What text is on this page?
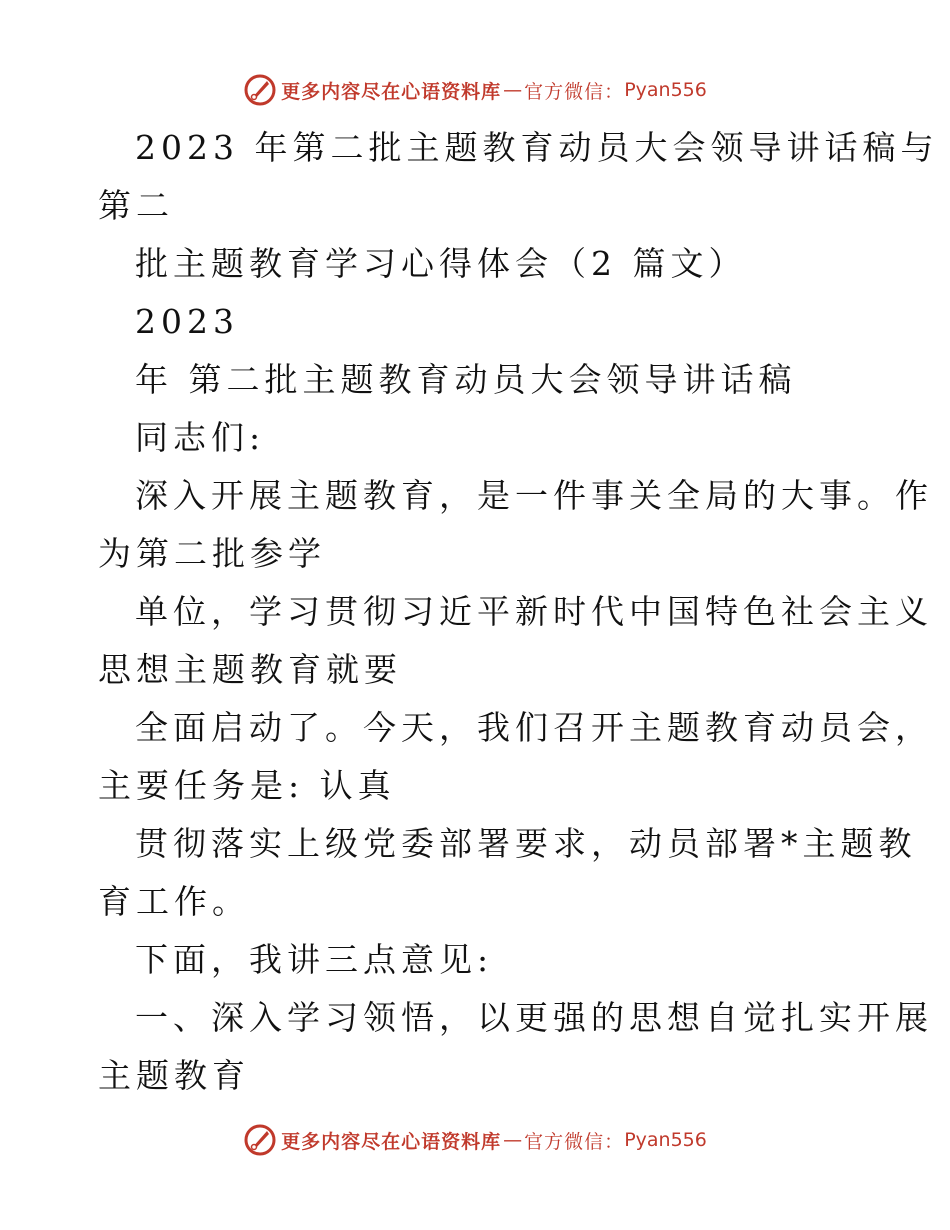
更多内容尽在心语资料库 — 官方微信： Pyan556
2023 年第二批主题教育动员大会领导讲话稿与
第二
批主题教育学习心得体会（2 篇文）
2023
年 第二批主题教育动员大会领导讲话稿
同志们:
深入开展主题教育，是一件事关全局的大事。作
为第二批参学
单位，学习贯彻习近平新时代中国特色社会主义
思想主题教育就要
全面启动了。今天，我们召开主题教育动员会，
主要任务是: 认真
贯彻落实上级党委部署要求，动员部署*主题教
育工作。
下面，我讲三点意见:
一、深入学习领悟，以更强的思想自觉扎实开展
主题教育
更多内容尽在心语资料库 — 官方微信： Pyan556
